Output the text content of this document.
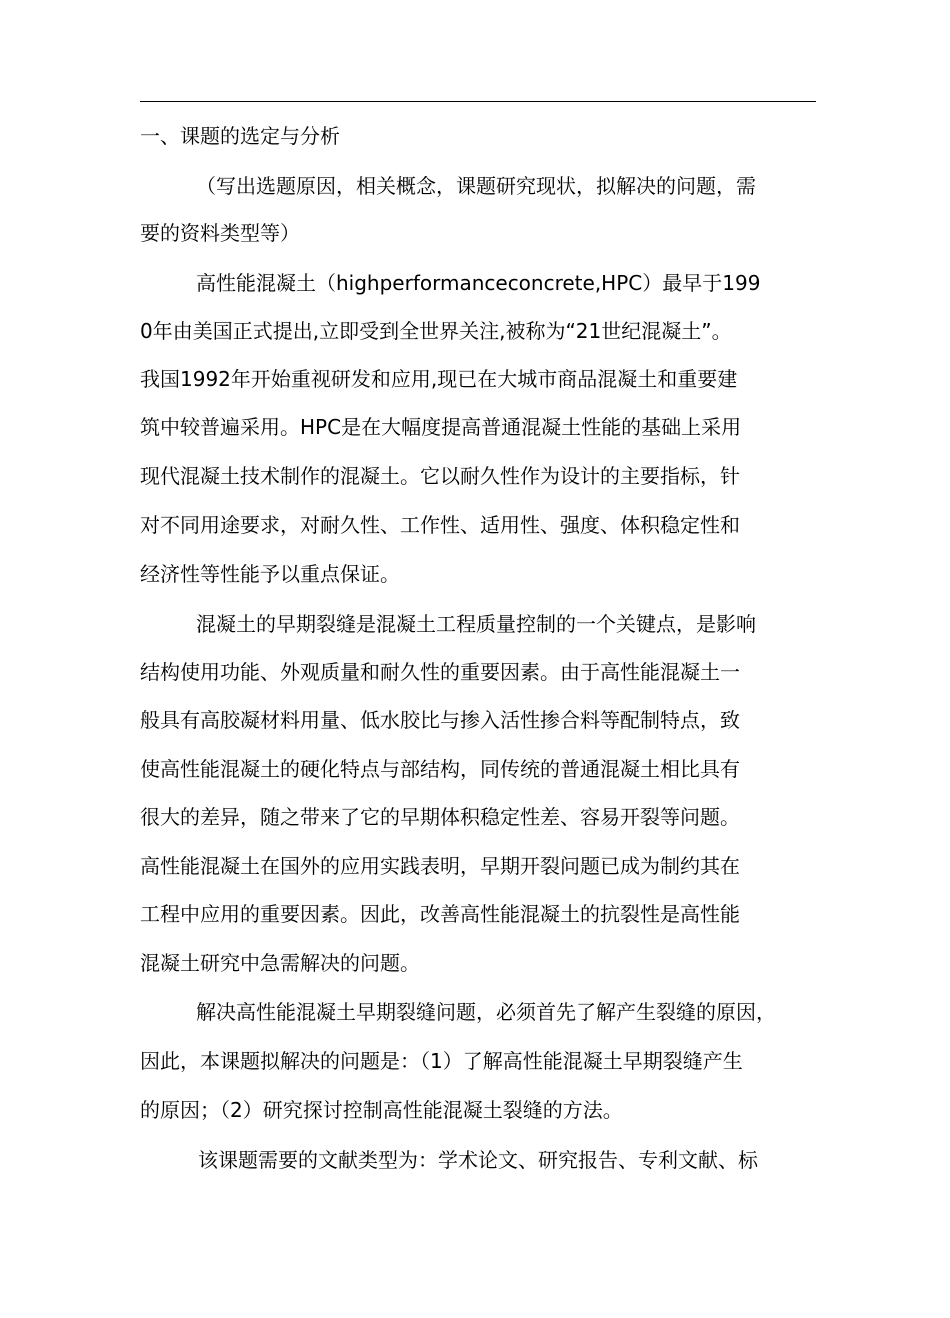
一、课题的选定与分析
（写出选题原因，相关概念，课题研究现状，拟解决的问题，需
要的资料类型等）
高性能混凝土（highperformanceconcrete,HPC）最早于199
0年由美国正式提出,立即受到全世界关注,被称为“21世纪混凝土”。
我国1992年开始重视研发和应用,现已在大城市商品混凝土和重要建
筑中较普遍采用。HPC是在大幅度提高普通混凝土性能的基础上采用
现代混凝土技术制作的混凝土。它以耐久性作为设计的主要指标，针
对不同用途要求，对耐久性、工作性、适用性、强度、体积稳定性和
经济性等性能予以重点保证。
混凝土的早期裂缝是混凝土工程质量控制的一个关键点，是影响
结构使用功能、外观质量和耐久性的重要因素。由于高性能混凝土一
般具有高胶凝材料用量、低水胶比与掺入活性掺合料等配制特点，致
使高性能混凝土的硬化特点与部结构，同传统的普通混凝土相比具有
很大的差异，随之带来了它的早期体积稳定性差、容易开裂等问题。
高性能混凝土在国外的应用实践表明，早期开裂问题已成为制约其在
工程中应用的重要因素。因此，改善高性能混凝土的抗裂性是高性能
混凝土研究中急需解决的问题。
解决高性能混凝土早期裂缝问题，必须首先了解产生裂缝的原因，
因此，本课题拟解决的问题是：（1）了解高性能混凝土早期裂缝产生
的原因；（2）研究探讨控制高性能混凝土裂缝的方法。
该课题需要的文献类型为：学术论文、研究报告、专利文献、标
